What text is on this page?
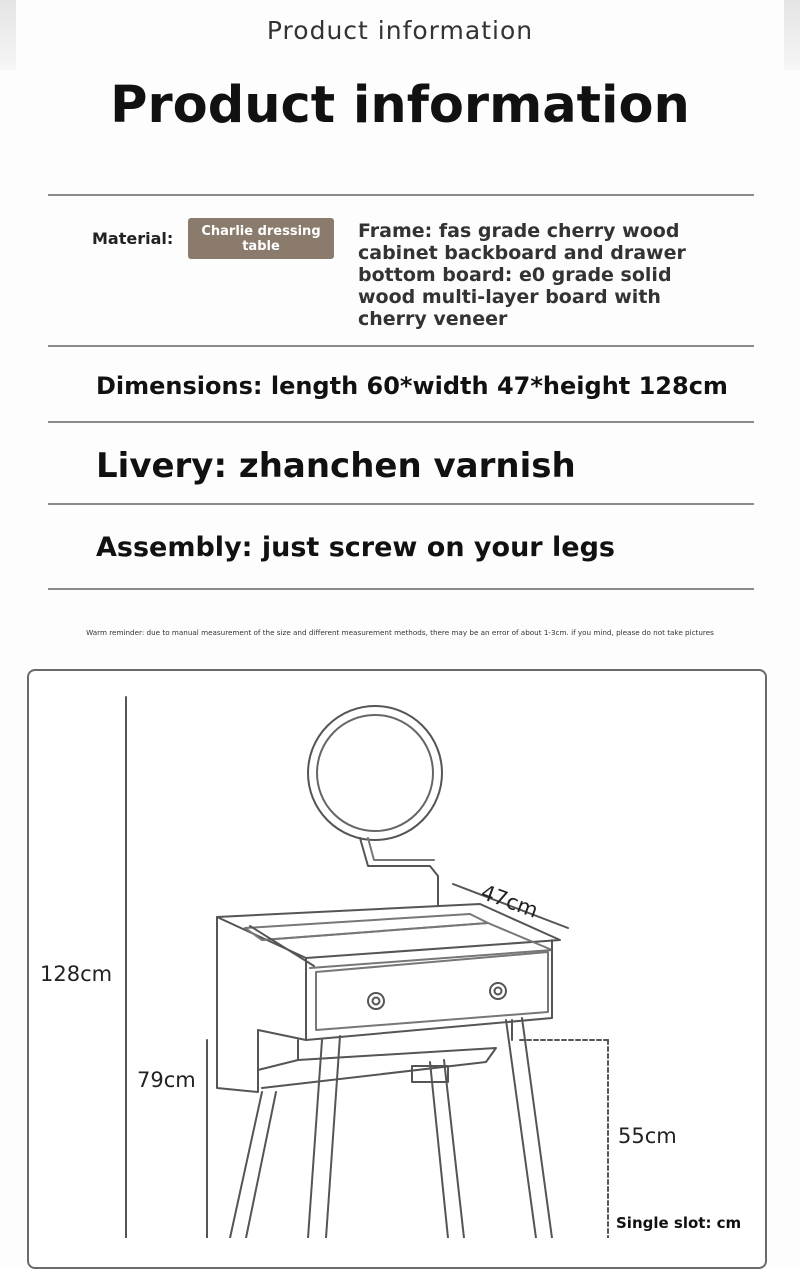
Product information
Product information
Material:	Charlie dressing table
Frame: fas grade cherry wood cabinet backboard and drawer bottom board: e0 grade solid wood multi-layer board with cherry veneer
Dimensions: length 60*width 47*height 128cm
Livery: zhanchen varnish
Assembly: just screw on your legs
Warm reminder: due to manual measurement of the size and different measurement methods, there may be an error of about 1-3cm. if you mind, please do not take pictures
128cm
79cm
47cm
55cm
Single slot: cm
